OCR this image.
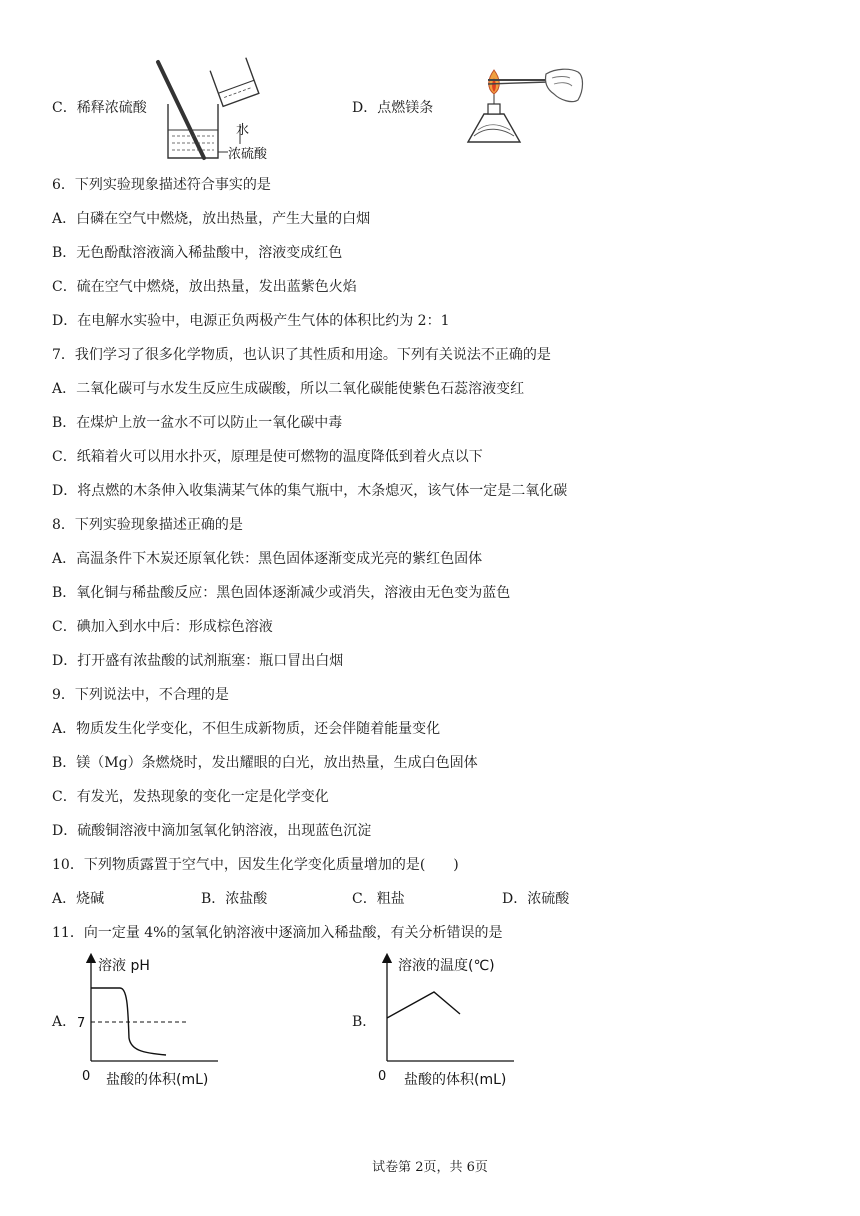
C．稀释浓硫酸
水
浓硫酸
D．点燃镁条
6．下列实验现象描述符合事实的是
A．白磷在空气中燃烧，放出热量，产生大量的白烟
B．无色酚酞溶液滴入稀盐酸中，溶液变成红色
C．硫在空气中燃烧，放出热量，发出蓝紫色火焰
D．在电解水实验中，电源正负两极产生气体的体积比约为 2：1
7．我们学习了很多化学物质，也认识了其性质和用途。下列有关说法不正确的是
A．二氧化碳可与水发生反应生成碳酸，所以二氧化碳能使紫色石蕊溶液变红
B．在煤炉上放一盆水不可以防止一氧化碳中毒
C．纸箱着火可以用水扑灭，原理是使可燃物的温度降低到着火点以下
D．将点燃的木条伸入收集满某气体的集气瓶中，木条熄灭，该气体一定是二氧化碳
8．下列实验现象描述正确的是
A．高温条件下木炭还原氧化铁：黑色固体逐渐变成光亮的紫红色固体
B．氧化铜与稀盐酸反应：黑色固体逐渐减少或消失，溶液由无色变为蓝色
C．碘加入到水中后：形成棕色溶液
D．打开盛有浓盐酸的试剂瓶塞：瓶口冒出白烟
9．下列说法中，不合理的是
A．物质发生化学变化，不但生成新物质，还会伴随着能量变化
B．镁（Mg）条燃烧时，发出耀眼的白光，放出热量，生成白色固体
C．有发光，发热现象的变化一定是化学变化
D．硫酸铜溶液中滴加氢氧化钠溶液，出现蓝色沉淀
10．下列物质露置于空气中，因发生化学变化质量增加的是(　　)
A．烧碱	B．浓盐酸	C．粗盐	D．浓硫酸
11．向一定量 4%的氢氧化钠溶液中逐滴加入稀盐酸，有关分析错误的是
A．
溶液 pH
7
0 盐酸的体积(mL)
B．
溶液的温度(℃)
0 盐酸的体积(mL)
试卷第 2页，共 6页
